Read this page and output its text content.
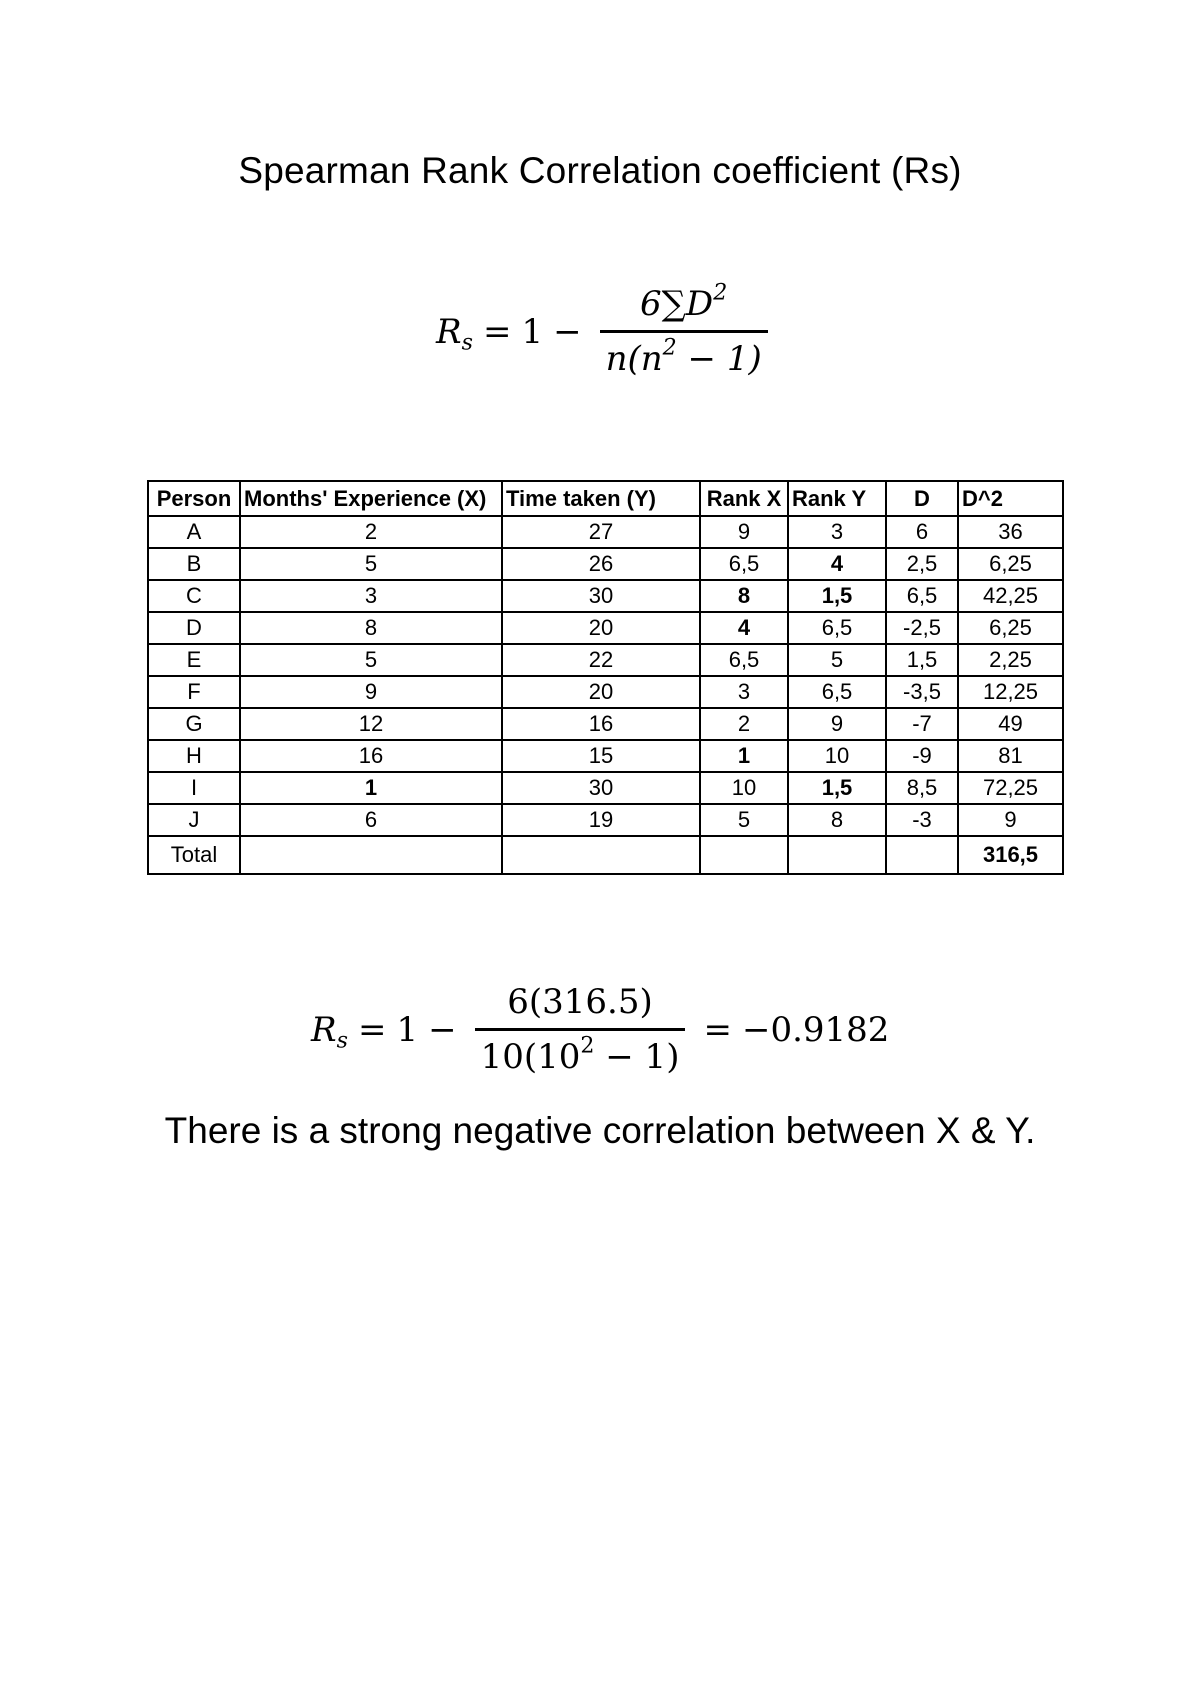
Spearman Rank Correlation coefficient (Rs)
$R_s = 1 - \frac{6\sum D^2}{n(n^2 - 1)}$
Person	Months' Experience (X)	Time taken (Y)	Rank X	Rank Y	D	D^2
A	2	27	9	3	6	36
B	5	26	6,5	4	2,5	6,25
C	3	30	8	1,5	6,5	42,25
D	8	20	4	6,5	-2,5	6,25
E	5	22	6,5	5	1,5	2,25
F	9	20	3	6,5	-3,5	12,25
G	12	16	2	9	-7	49
H	16	15	1	10	-9	81
I	1	30	10	1,5	8,5	72,25
J	6	19	5	8	-3	9
Total						316,5
$R_s = 1 - \frac{6(316.5)}{10(10^2 - 1)} = -0.9182$
There is a strong negative correlation between X & Y.
